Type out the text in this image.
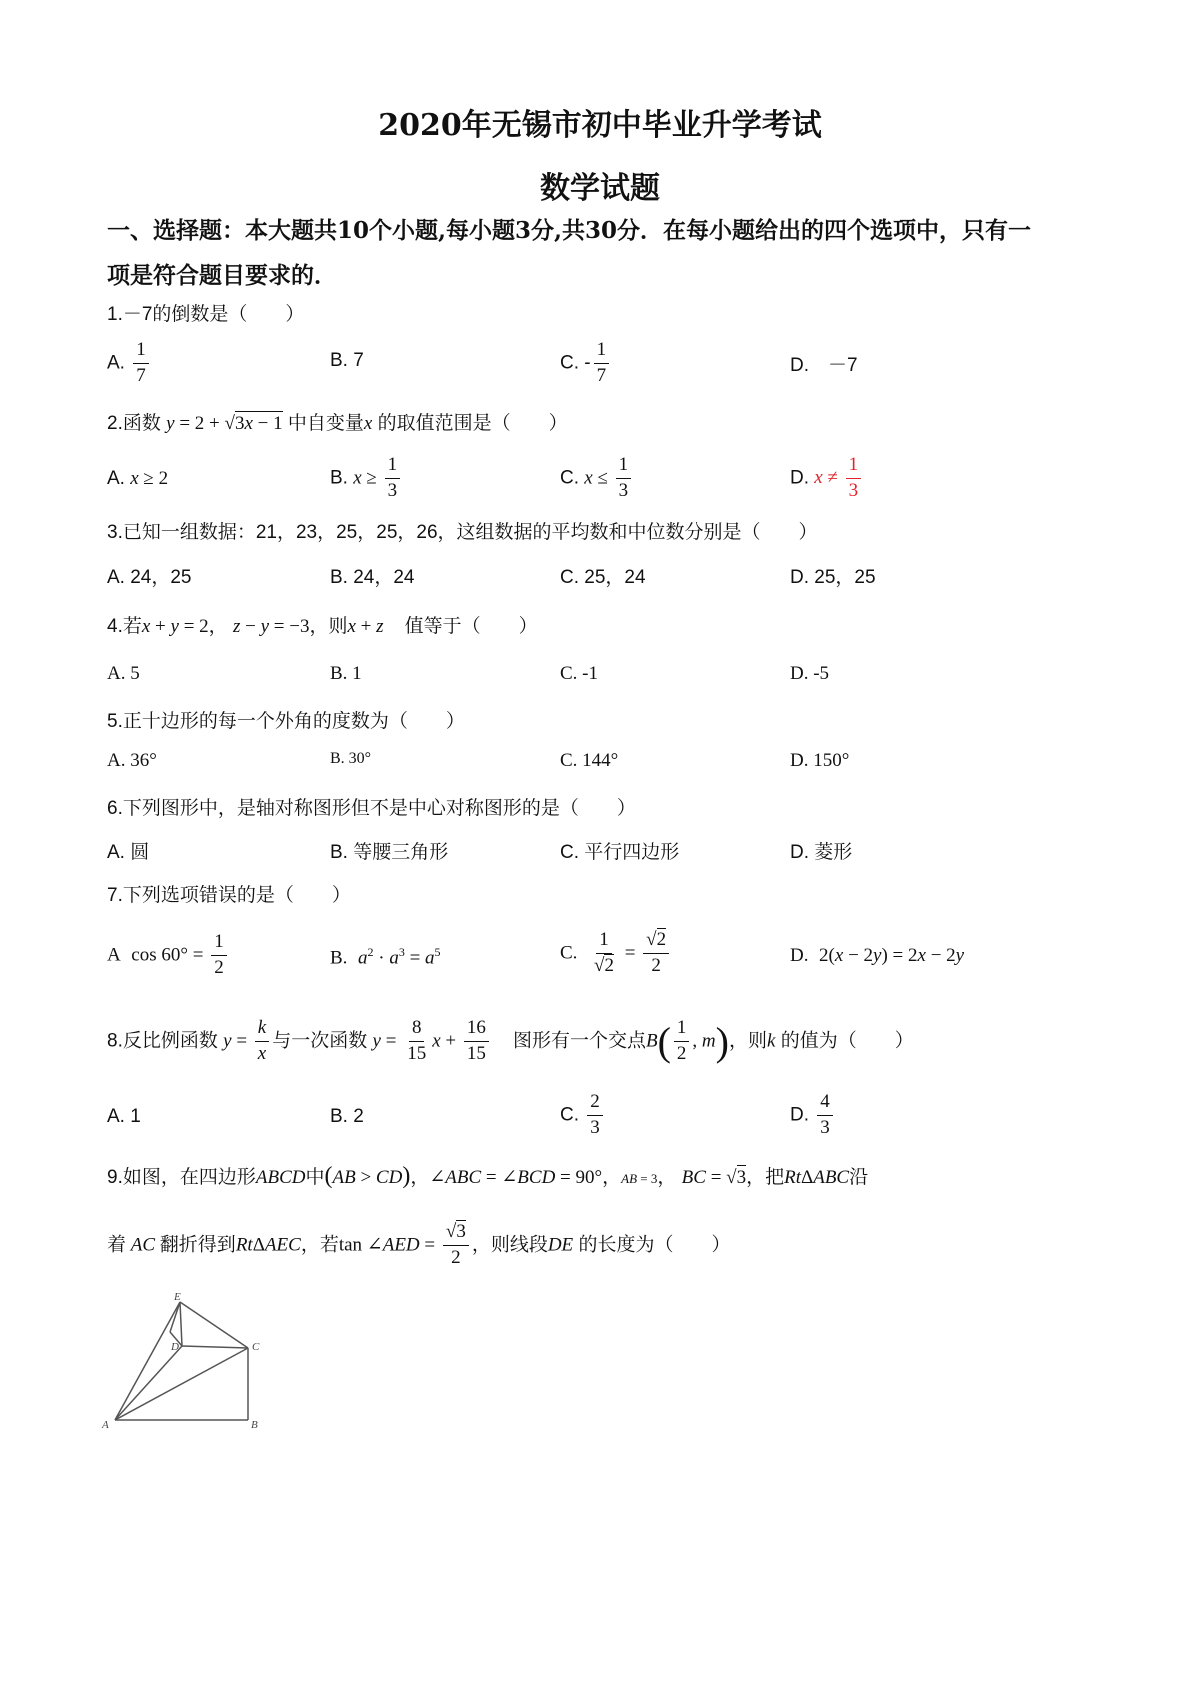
2020年无锡市初中毕业升学考试
数学试题
一、选择题：本大题共10个小题,每小题3分,共30分．在每小题给出的四个选项中，只有一
项是符合题目要求的．
1.－7的倒数是（　　）
A. $\frac{1}{7}$	B. 7	C. - $\frac{1}{7}$	D.　－7
2.函数 y = 2 + √3x − 1 中自变量x 的取值范围是（　　）
A. x ≥ 2	B. $x \ge \frac{1}{3}$	C. $x \le \frac{1}{3}$	D. $x \ne \frac{1}{3}$
3.已知一组数据：21，23，25，25，26，这组数据的平均数和中位数分别是（　　）
A. 24，25	B. 24，24	C. 25，24	D. 25，25
4.若x + y = 2， z − y = −3，则x + z 值等于（　　）
A. 5	B. 1	C. -1	D. -5
5.正十边形的每一个外角的度数为（　　）
A. 36°	B. 30°	C. 144°	D. 150°
6.下列图形中，是轴对称图形但不是中心对称图形的是（　　）
A. 圆	B. 等腰三角形	C. 平行四边形	D. 菱形
7.下列选项错误的是（　　）
A $\cos 60^\circ = \frac{1}{2}$	B. $a^2 \cdot a^3 = a^5$	C. $\frac{1}{√2} = \frac{√2}{2}$	D. 2(x − 2y) = 2x − 2y
8.反比例函数 $y = \frac{k}{x}$ 与一次函数 $y = \frac{8}{15}$ $x + \frac{16}{15}$ 图形有一个交点$B( \frac{1}{2}$ , m)，则k 的值为（　　）
A. 1	B. 2	C. $\frac{2}{3}$	D. $\frac{4}{3}$
9.如图，在四边形ABCD中(AB > CD)，∠ABC = ∠BCD = 90°，AB = 3， BC = √3，把RtΔABC沿
着 AC 翻折得到RtΔAEC，若tan ∠AED = $\frac{√3}{2}$ ，则线段DE 的长度为（　　）
E
D	C
A	B
